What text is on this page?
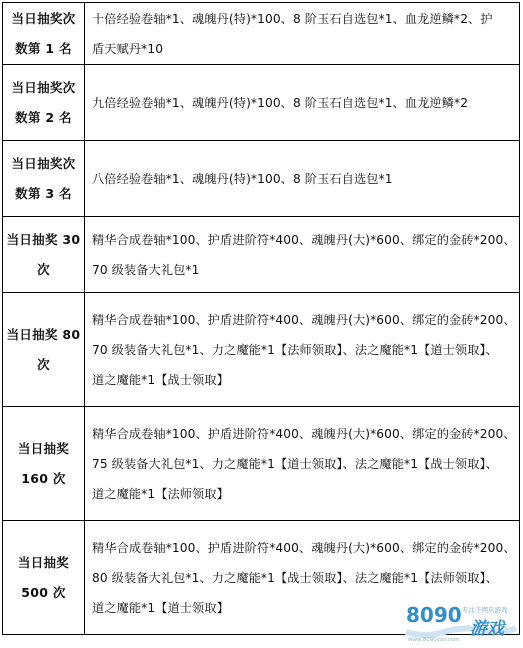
当日抽奖次
数第 1 名	十倍经验卷轴*1、魂魄丹(特)*100、8 阶玉石自选包*1、血龙逆鳞*2、护
盾天赋丹*10

当日抽奖次
数第 2 名	九倍经验卷轴*1、魂魄丹(特)*100、8 阶玉石自选包*1、血龙逆鳞*2

当日抽奖次
数第 3 名	八倍经验卷轴*1、魂魄丹(特)*100、8 阶玉石自选包*1

当日抽奖 30
次	精华合成卷轴*100、护盾进阶符*400、魂魄丹(大)*600、绑定的金砖*200、
70 级装备大礼包*1

当日抽奖 80
次	精华合成卷轴*100、护盾进阶符*400、魂魄丹(大)*600、绑定的金砖*200、
70 级装备大礼包*1、力之魔能*1【法师领取】、法之魔能*1【道士领取】、
道之魔能*1【战士领取】

当日抽奖
160 次	精华合成卷轴*100、护盾进阶符*400、魂魄丹(大)*600、绑定的金砖*200、
75 级装备大礼包*1、力之魔能*1【道士领取】、法之魔能*1【战士领取】、
道之魔能*1【法师领取】

当日抽奖
500 次	精华合成卷轴*100、护盾进阶符*400、魂魄丹(大)*600、绑定的金砖*200、
80 级装备大礼包*1、力之魔能*1【战士领取】、法之魔能*1【法师领取】、
道之魔能*1【道士领取】	8090 专注于网页游戏
游戏
www.8090yxs.com
